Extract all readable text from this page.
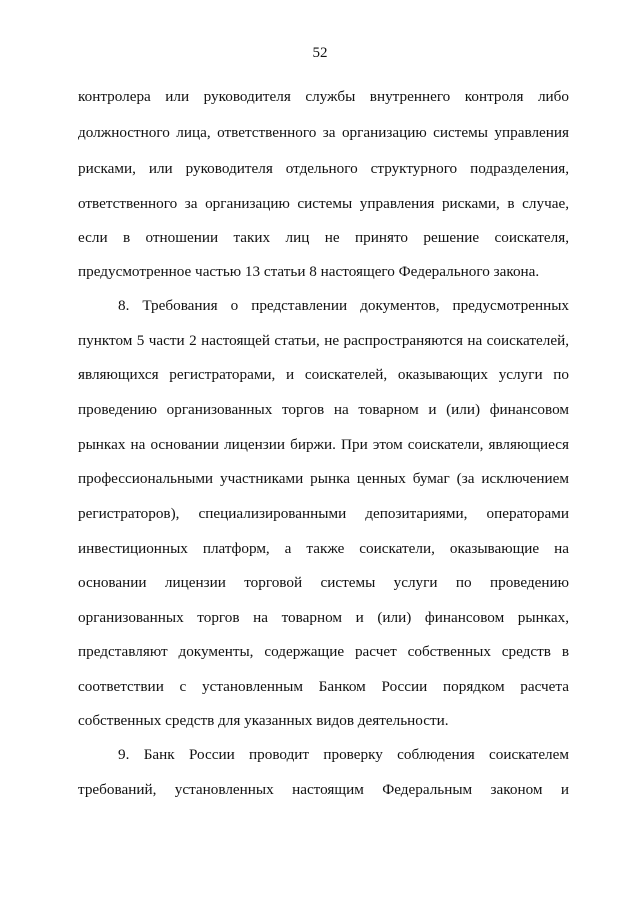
52
контролера или руководителя службы внутреннего контроля либо
должностного лица, ответственного за организацию системы управления
рисками, или руководителя отдельного структурного подразделения,
ответственного за организацию системы управления рисками, в случае,
если в отношении таких лиц не принято решение соискателя,
предусмотренное частью 13 статьи 8 настоящего Федерального закона.
8. Требования о представлении документов, предусмотренных
пунктом 5 части 2 настоящей статьи, не распространяются на соискателей,
являющихся регистраторами, и соискателей, оказывающих услуги по
проведению организованных торгов на товарном и (или) финансовом
рынках на основании лицензии биржи. При этом соискатели, являющиеся
профессиональными участниками рынка ценных бумаг (за исключением
регистраторов), специализированными депозитариями, операторами
инвестиционных платформ, а также соискатели, оказывающие на
основании лицензии торговой системы услуги по проведению
организованных торгов на товарном и (или) финансовом рынках,
представляют документы, содержащие расчет собственных средств в
соответствии с установленным Банком России порядком расчета
собственных средств для указанных видов деятельности.
9. Банк России проводит проверку соблюдения соискателем
требований, установленных настоящим Федеральным законом и
